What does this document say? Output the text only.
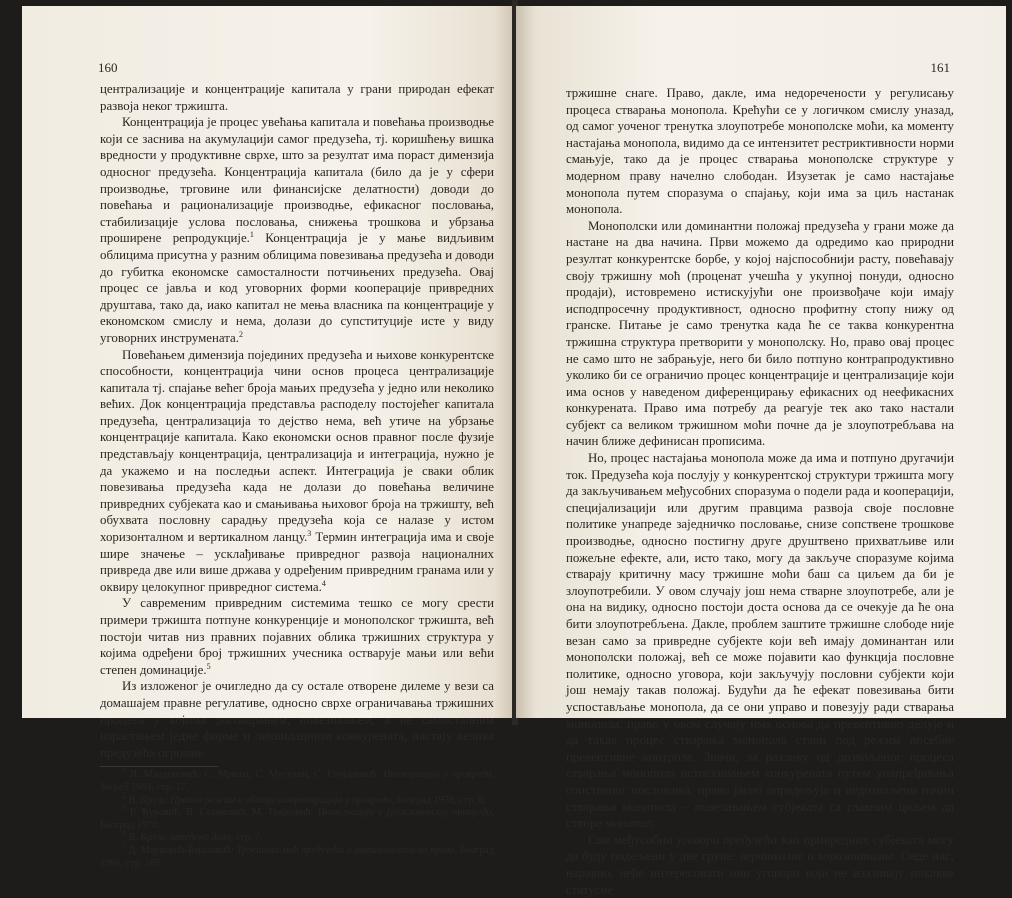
160

централизације и концентрације капитала у грани природан ефекат развоја неког тржишта.

Концентрација је процес увећања капитала и повећања производње који се заснива на акумулацији самог предузећа, тј. коришћењу вишка вредности у продуктивне сврхе, што за резултат има пораст димензија односног предузећа. Концентрација капитала (било да је у сфери производње, трговине или финансијске делатности) доводи до повећања и рационализације производње, ефикасног пословања, стабилизације услова пословања, снижења трошкова и убрзања проширене репродукције.$^1$ Концентрација је у мање видљивим облицима присутна у разним облицима повезивања предузећа и доводи до губитка економске самосталности потчињених предузећа. Овај процес се јавља и код уговорних форми кооперације привредних друштава, тако да, иако капитал не мења власника па концентрације у економском смислу и нема, долази до супституције исте у виду уговорних инструмената.$^2$

Повећањем димензија појединих предузећа и њихове конкурентске способности, концентрација чини основ процеса централизације капитала тј. спајање већег броја мањих предузећа у једно или неколико већих. Док концентрација представља расподелу постојећег капитала предузећа, централизација то дејство нема, већ утиче на убрзање концентрације капитала. Како економски основ правног после фузије представљају концентрација, централизација и интеграција, нужно је да укажемо и на последњи аспект. Интеграција је сваки облик повезивања предузећа када не долази до повећања величине привредних субјеката као и смањивања њиховог броја на тржишту, већ обухвата пословну сарадњу предузећа која се налазе у истом хоризонталном и вертикалном ланцу.$^3$ Термин интеграција има и своје шире значење – усклађивање привредног развоја националних привреда две или више држава у одређеним привредним гранама или у оквиру целокупног привредног система.$^4$

У савременим привредним системима тешко се могу срести примери тржишта потпуне конкуренције и монополског тржишта, већ постоји читав низ правних појавних облика тржишних структура у којима одређени број тржишних учесника остварује мањи или већи степен доминације.$^5$

Из изложеног је очигледно да су остале отворене дилеме у вези са домашајем правне регулативе, односно сврхе ограничавања тржишних процеса у којима договарањем, повезивањем, а не самосталним израстањем једне фирме и ликвидацијом конкурената, настају велика предузећа огромне

$^1$ И. Младеновић, С. Мркша, С. Мусулин, С. Стојановић: Интеграција у привреди, Загреб 1963, стр. 17.

$^2$ В. Круљ: Правни режим и облици концентрација у привреди, Београд 1978, стр. 8.

$^3$ Р. Ђуровић, В. Станковић, М. Трајковић: Интеграција у југословенској привреди, Београд 1970.

$^4$ В. Круљ: наведено дело, стр. 7.

$^5$ Д. Марковић-Бајаловић: Тржишна моћ предузећа и антимонополско право, Београд 1998, стр. 105.

161

тржишне снаге. Право, дакле, има недоречености у регулисању процеса стварања монопола. Крећући се у логичком смислу уназад, од самог уоченог тренутка злоупотребе монополске моћи, ка моменту настајања монопола, видимо да се интензитет рестриктивности норми смањује, тако да је процес стварања монополске структуре у модерном праву начелно слободан. Изузетак је само настајање монопола путем споразума о спајању, који има за циљ настанак монопола.

Монополски или доминантни положај предузећа у грани може да настане на два начина. Први можемо да одредимо као природни резултат конкурентске борбе, у којој најспособнији расту, повећавају своју тржишну моћ (проценат учешћа у укупној понуди, односно продаји), истовремено истискујући оне произвођаче који имају исподпросечну продуктивност, односно профитну стопу нижу од гранске. Питање је само тренутка када ће се таква конкурентна тржишна структура претворити у монополску. Но, право овај процес не само што не забрањује, него би било потпуно контрапродуктивно уколико би се ограничио процес концентрације и централизације који има основ у наведеном диференцирању ефикасних од неефикасних конкурената. Право има потребу да реагује тек ако тако настали субјект са великом тржишном моћи почне да је злоупотребљава на начин ближе дефинисан прописима.

Но, процес настајања монопола може да има и потпуно другачији ток. Предузећа која послују у конкурентској структури тржишта могу да закључивањем међусобних споразума о подели рада и кооперацији, специјализацији или другим правцима развоја своје пословне политике унапреде заједничко пословање, снизе сопствене трошкове производње, односно постигну друге друштвено прихватљиве или пожељне ефекте, али, исто тако, могу да закључе споразуме којима стварају критичну масу тржишне моћи баш са циљем да би је злоупотребили. У овом случају још нема стварне злоупотребе, али је она на видику, односно постоји доста основа да се очекује да ће она бити злоупотребљена. Дакле, проблем заштите тржишне слободе није везан само за привредне субјекте који већ имају доминантан или монополски положај, већ се може појавити као функција пословне политике, односно уговора, који закључују пословни субјекти који још немају такав положај. Будући да ће ефекат повезивања бити успостављање монопола, да се они управо и повезују ради стварања монопола, право у овом случају има основа да превентивно делује и да такав процес стварања монопола стави под режим посебне превентивне контроле. Значи, за разлику од дозвољеног процеса стварања монопола истискивањем конкурената путем унапређивања сопственог пословања, право јасно опредељује и недозвољени начин стварања монопола – повезивањем субјеката са главним циљем да створе монопол.

Сви међусобни уговори предузећа као привредних субјеката могу да буду подељени у две групе: вертикалне и хоризонталне. Овде нас, наравно, неће интересовати они уговори који не изазивају никакве статусне
